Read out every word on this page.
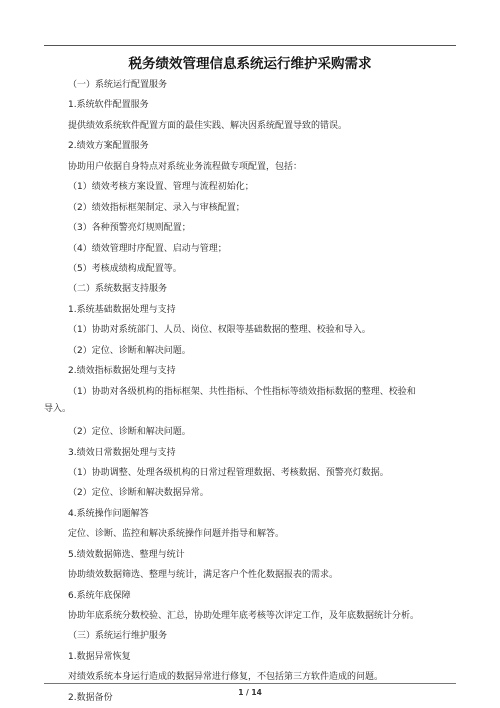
税务绩效管理信息系统运行维护采购需求
（一）系统运行配置服务
1.系统软件配置服务
提供绩效系统软件配置方面的最佳实践、解决因系统配置导致的错误。
2.绩效方案配置服务
协助用户依据自身特点对系统业务流程做专项配置，包括：
（1）绩效考核方案设置、管理与流程初始化；
（2）绩效指标框架制定、录入与审核配置；
（3）各种预警亮灯规则配置；
（4）绩效管理时序配置、启动与管理；
（5）考核成绩构成配置等。
（二）系统数据支持服务
1.系统基础数据处理与支持
（1）协助对系统部门、人员、岗位、权限等基础数据的整理、校验和导入。
（2）定位、诊断和解决问题。
2.绩效指标数据处理与支持
（1）协助对各级机构的指标框架、共性指标、个性指标等绩效指标数据的整理、校验和
导入。
（2）定位、诊断和解决问题。
3.绩效日常数据处理与支持
（1）协助调整、处理各级机构的日常过程管理数据、考核数据、预警亮灯数据。
（2）定位、诊断和解决数据异常。
4.系统操作问题解答
定位、诊断、监控和解决系统操作问题并指导和解答。
5.绩效数据筛选、整理与统计
协助绩效数据筛选、整理与统计，满足客户个性化数据报表的需求。
6.系统年底保障
协助年底系统分数校验、汇总，协助处理年底考核等次评定工作，及年底数据统计分析。
（三）系统运行维护服务
1.数据异常恢复
对绩效系统本身运行造成的数据异常进行修复，不包括第三方软件造成的问题。
2.数据备份
1 / 14
